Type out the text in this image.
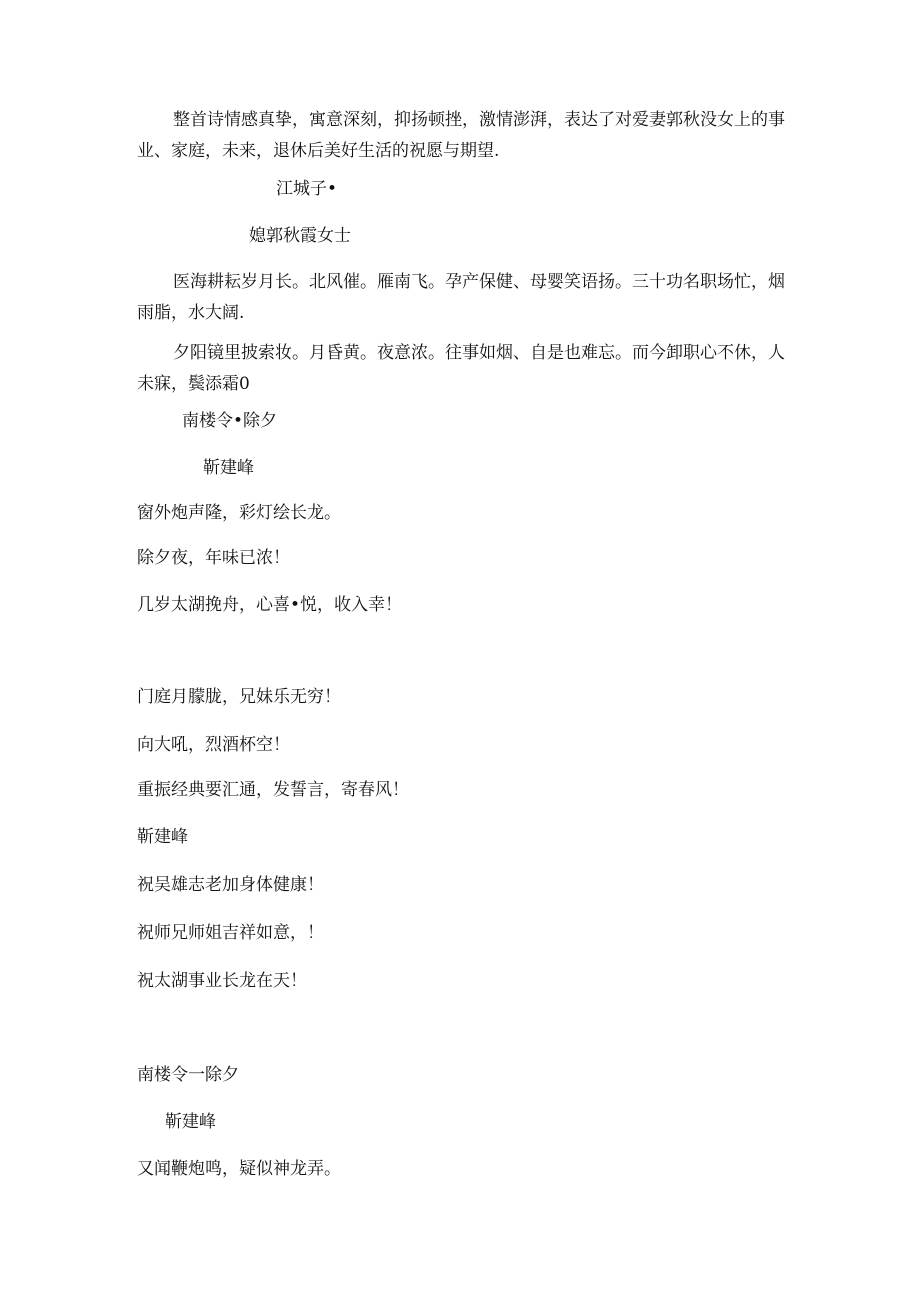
整首诗情感真挚，寓意深刻，抑扬顿挫，激情澎湃，表达了对爱妻郭秋没女上的事业、家庭，未来，退休后美好生活的祝愿与期望.
江城子•
媳郭秋霞女士
医海耕耘岁月长。北风催。雁南飞。孕产保健、母婴笑语扬。三十功名职场忙，烟雨脂，水大阔.
夕阳镜里披索妆。月昏黄。夜意浓。往事如烟、自是也难忘。而今卸职心不休，人未寐，鬓添霜0
南楼令•除夕
靳建峰
窗外炮声隆，彩灯绘长龙。
除夕夜，年味已浓！
几岁太湖挽舟，心喜•悦，收入幸！
门庭月朦胧，兄妹乐无穷！
向大吼，烈酒杯空！
重振经典要汇通，发誓言，寄春风！
靳建峰
祝吴雄志老加身体健康！
祝师兄师姐吉祥如意，！
祝太湖事业长龙在天！
南楼令一除夕
靳建峰
又闻鞭炮鸣，疑似神龙弄。
